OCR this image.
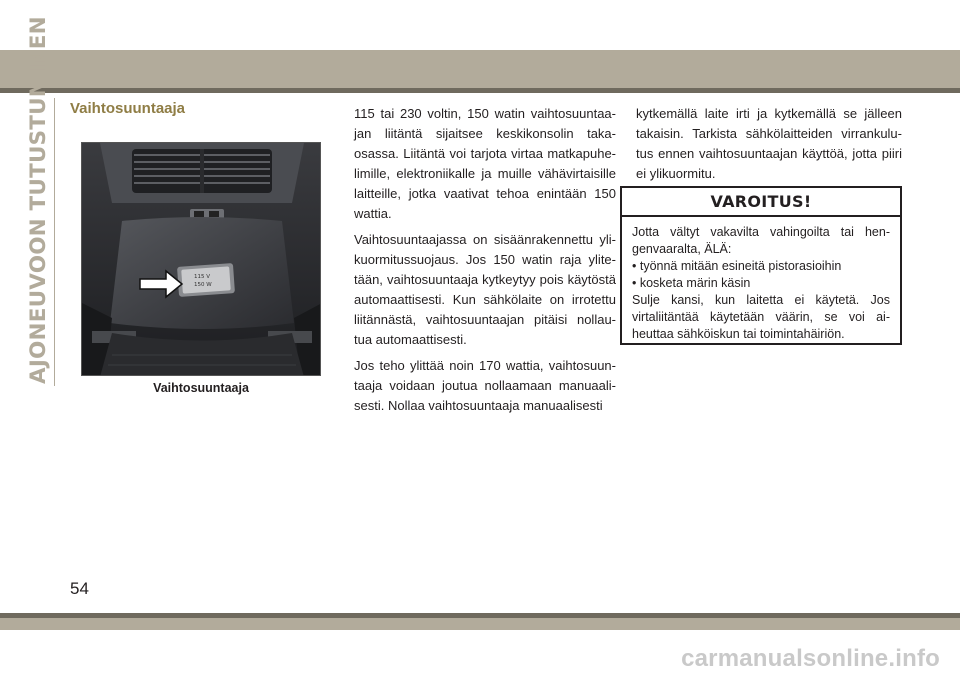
AJONEUVOON TUTUSTUMINEN Vaihtosuuntaaja
115 V
150 W
Vaihtosuuntaaja

115 tai 230 voltin, 150 watin vaihtosuuntaa- jan liitäntä sijaitsee keskikonsolin taka- osassa. Liitäntä voi tarjota virtaa matkapuhe- limille, elektroniikalle ja muille vähävirtaisille laitteille, jotka vaativat tehoa enintään 150 wattia.

Vaihtosuuntaajassa on sisäänrakennettu yli- kuormitussuojaus. Jos 150 watin raja ylite- tään, vaihtosuuntaaja kytkeytyy pois käytöstä automaattisesti. Kun sähkölaite on irrotettu liitännästä, vaihtosuuntaajan pitäisi nollau- tua automaattisesti.

Jos teho ylittää noin 170 wattia, vaihtosuun- taaja voidaan joutua nollaamaan manuaali- sesti. Nollaa vaihtosuuntaaja manuaalisesti

kytkemällä laite irti ja kytkemällä se jälleen takaisin. Tarkista sähkölaitteiden virrankulu- tus ennen vaihtosuuntaajan käyttöä, jotta piiri ei ylikuormitu.

VAROITUS!
Jotta vältyt vakavilta vahingoilta tai hen- genvaaralta, ÄLÄ:
• työnnä mitään esineitä pistorasioihin
• kosketa märin käsin
Sulje kansi, kun laitetta ei käytetä. Jos virtaliitäntää käytetään väärin, se voi ai- heuttaa sähköiskun tai toimintahäiriön.
54
carmanualsonline.info
